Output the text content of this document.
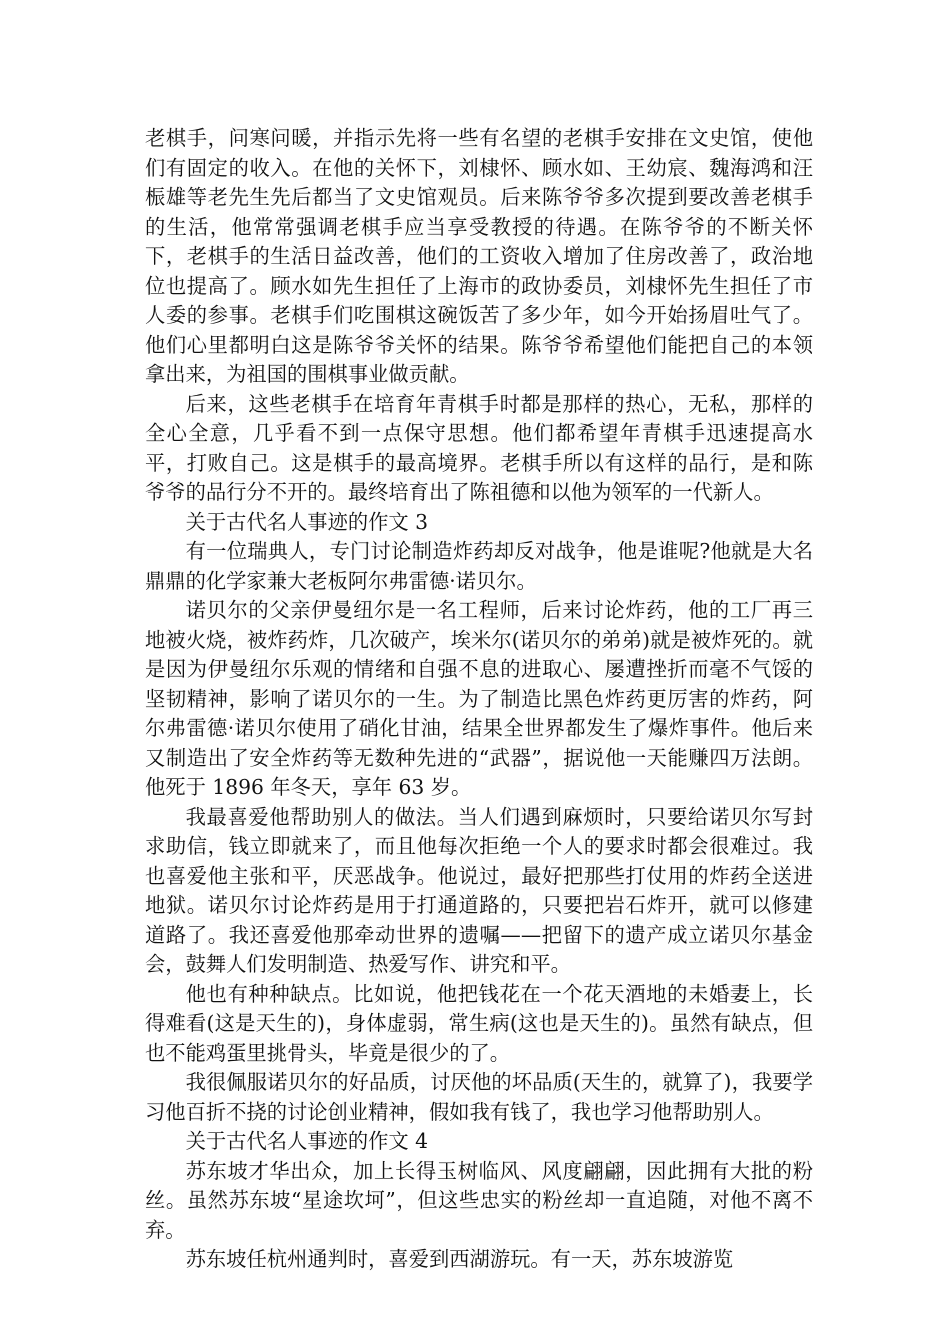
老棋手，问寒问暖，并指示先将一些有名望的老棋手安排在文史馆，使他们有固定的收入。在他的关怀下，刘棣怀、顾水如、王幼宸、魏海鸿和汪桭雄等老先生先后都当了文史馆观员。后来陈爷爷多次提到要改善老棋手的生活，他常常强调老棋手应当享受教授的待遇。在陈爷爷的不断关怀下，老棋手的生活日益改善，他们的工资收入增加了住房改善了，政治地位也提高了。顾水如先生担任了上海市的政协委员，刘棣怀先生担任了市人委的参事。老棋手们吃围棋这碗饭苦了多少年，如今开始扬眉吐气了。他们心里都明白这是陈爷爷关怀的结果。陈爷爷希望他们能把自己的本领拿出来，为祖国的围棋事业做贡献。

后来，这些老棋手在培育年青棋手时都是那样的热心，无私，那样的全心全意，几乎看不到一点保守思想。他们都希望年青棋手迅速提高水平，打败自己。这是棋手的最高境界。老棋手所以有这样的品行，是和陈爷爷的品行分不开的。最终培育出了陈祖德和以他为领军的一代新人。

关于古代名人事迹的作文 3

有一位瑞典人，专门讨论制造炸药却反对战争，他是谁呢?他就是大名鼎鼎的化学家兼大老板阿尔弗雷德·诺贝尔。

诺贝尔的父亲伊曼纽尔是一名工程师，后来讨论炸药，他的工厂再三地被火烧，被炸药炸，几次破产，埃米尔(诺贝尔的弟弟)就是被炸死的。就是因为伊曼纽尔乐观的情绪和自强不息的进取心、屡遭挫折而毫不气馁的坚韧精神，影响了诺贝尔的一生。为了制造比黑色炸药更厉害的炸药，阿尔弗雷德·诺贝尔使用了硝化甘油，结果全世界都发生了爆炸事件。他后来又制造出了安全炸药等无数种先进的“武器”，据说他一天能赚四万法朗。他死于 1896 年冬天，享年 63 岁。

我最喜爱他帮助别人的做法。当人们遇到麻烦时，只要给诺贝尔写封求助信，钱立即就来了，而且他每次拒绝一个人的要求时都会很难过。我也喜爱他主张和平，厌恶战争。他说过，最好把那些打仗用的炸药全送进地狱。诺贝尔讨论炸药是用于打通道路的，只要把岩石炸开，就可以修建道路了。我还喜爱他那牵动世界的遗嘱——把留下的遗产成立诺贝尔基金会，鼓舞人们发明制造、热爱写作、讲究和平。

他也有种种缺点。比如说，他把钱花在一个花天酒地的未婚妻上，长得难看(这是天生的)，身体虚弱，常生病(这也是天生的)。虽然有缺点，但也不能鸡蛋里挑骨头，毕竟是很少的了。

我很佩服诺贝尔的好品质，讨厌他的坏品质(天生的，就算了)，我要学习他百折不挠的讨论创业精神，假如我有钱了，我也学习他帮助别人。

关于古代名人事迹的作文 4

苏东坡才华出众，加上长得玉树临风、风度翩翩，因此拥有大批的粉丝。虽然苏东坡“星途坎坷”，但这些忠实的粉丝却一直追随，对他不离不弃。

苏东坡任杭州通判时，喜爱到西湖游玩。有一天，苏东坡游览
